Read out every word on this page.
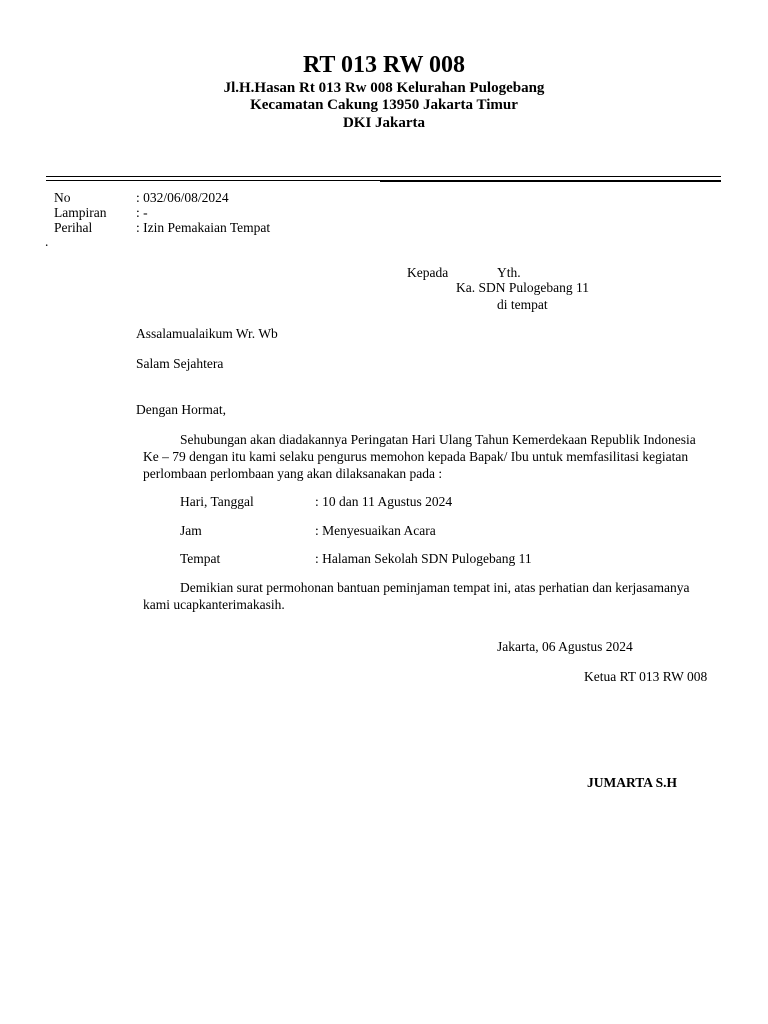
RT 013 RW 008
Jl.H.Hasan Rt 013 Rw 008 Kelurahan Pulogebang
Kecamatan Cakung 13950 Jakarta Timur
DKI Jakarta
No	: 032/06/08/2024
Lampiran : -
Perihal	: Izin Pemakaian Tempat
.
Kepada	Yth.
Ka. SDN Pulogebang 11
di tempat
Assalamualaikum Wr. Wb
Salam Sejahtera
Dengan Hormat,
Sehubungan akan diadakannya Peringatan Hari Ulang Tahun Kemerdekaan Republik Indonesia Ke – 79 dengan itu kami selaku pengurus memohon kepada Bapak/ Ibu untuk memfasilitasi kegiatan perlombaan perlombaan yang akan dilaksanakan pada :
Hari, Tanggal	: 10 dan 11 Agustus 2024
Jam	: Menyesuaikan Acara
Tempat	: Halaman Sekolah SDN Pulogebang 11
Demikian surat permohonan bantuan peminjaman tempat ini, atas perhatian dan kerjasamanya kami ucapkanterimakasih.
Jakarta, 06 Agustus 2024
Ketua RT 013 RW 008
JUMARTA S.H
